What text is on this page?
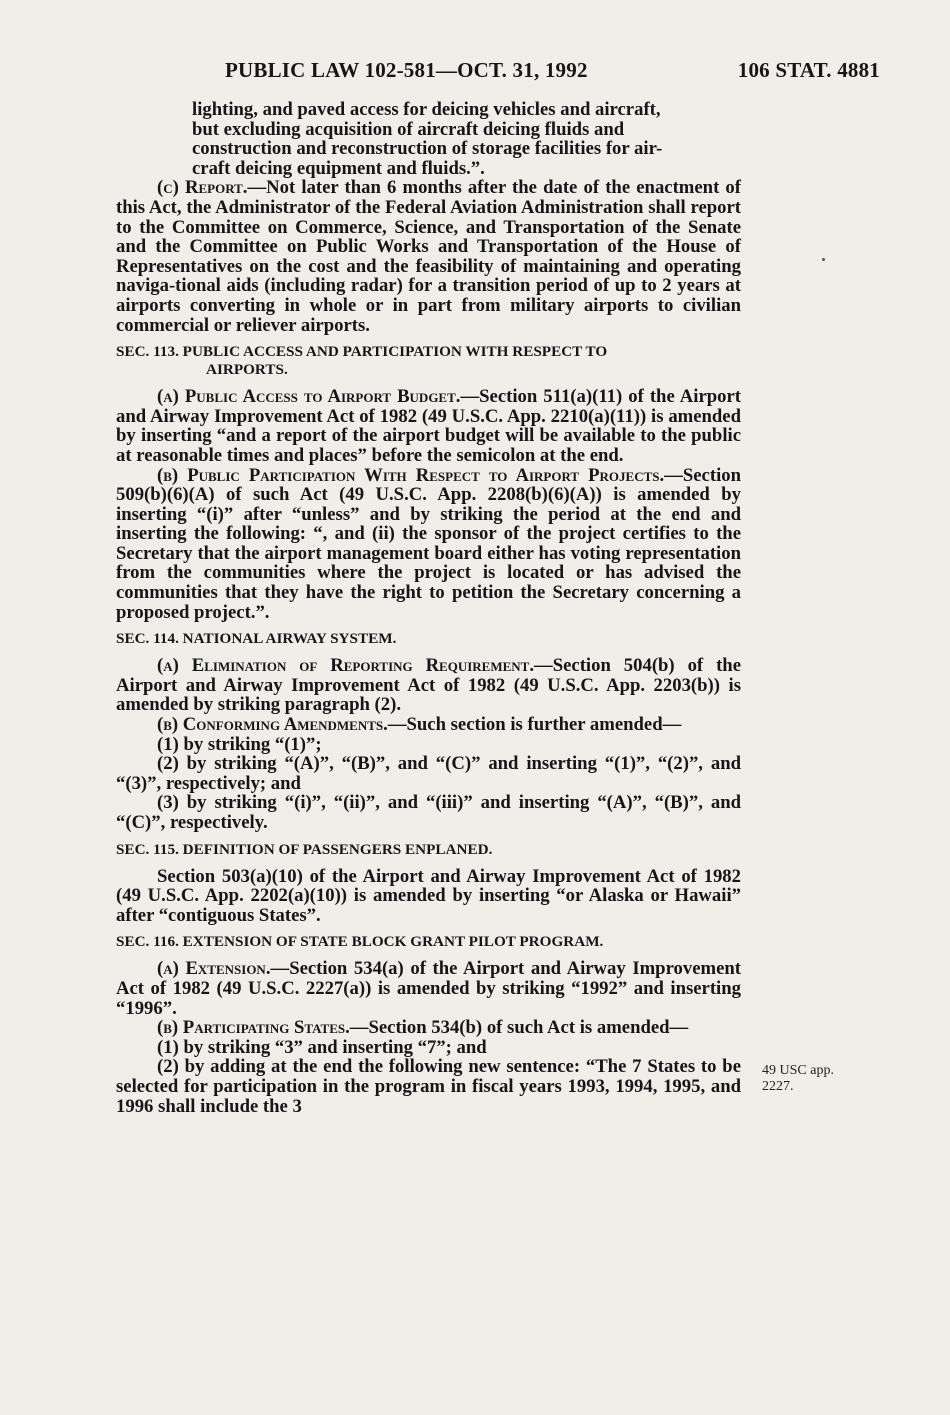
PUBLIC LAW 102-581—OCT. 31, 1992	106 STAT. 4881

lighting, and paved access for deicing vehicles and aircraft,

but excluding acquisition of aircraft deicing fluids and

construction and reconstruction of storage facilities for air-

craft deicing equipment and fluids.”.

(c) Report.—Not later than 6 months after the date of the enactment of this Act, the Administrator of the Federal Aviation Administration shall report to the Committee on Commerce, Science, and Transportation of the Senate and the Committee on Public Works and Transportation of the House of Representatives on the cost and the feasibility of maintaining and operating naviga-tional aids (including radar) for a transition period of up to 2 years at airports converting in whole or in part from military airports to civilian commercial or reliever airports.

SEC. 113. PUBLIC ACCESS AND PARTICIPATION WITH RESPECT TO
AIRPORTS.

(a) Public Access to Airport Budget.—Section 511(a)(11) of the Airport and Airway Improvement Act of 1982 (49 U.S.C. App. 2210(a)(11)) is amended by inserting “and a report of the airport budget will be available to the public at reasonable times and places” before the semicolon at the end.

(b) Public Participation With Respect to Airport Projects.—Section 509(b)(6)(A) of such Act (49 U.S.C. App. 2208(b)(6)(A)) is amended by inserting “(i)” after “unless” and by striking the period at the end and inserting the following: “, and (ii) the sponsor of the project certifies to the Secretary that the airport management board either has voting representation from the communities where the project is located or has advised the communities that they have the right to petition the Secretary concerning a proposed project.”.

SEC. 114. NATIONAL AIRWAY SYSTEM.

(a) Elimination of Reporting Requirement.—Section 504(b) of the Airport and Airway Improvement Act of 1982 (49 U.S.C. App. 2203(b)) is amended by striking paragraph (2).

(b) Conforming Amendments.—Such section is further amended—

(1) by striking “(1)”;

(2) by striking “(A)”, “(B)”, and “(C)” and inserting “(1)”, “(2)”, and “(3)”, respectively; and

(3) by striking “(i)”, “(ii)”, and “(iii)” and inserting “(A)”, “(B)”, and “(C)”, respectively.

SEC. 115. DEFINITION OF PASSENGERS ENPLANED.

Section 503(a)(10) of the Airport and Airway Improvement Act of 1982 (49 U.S.C. App. 2202(a)(10)) is amended by inserting “or Alaska or Hawaii” after “contiguous States”.

SEC. 116. EXTENSION OF STATE BLOCK GRANT PILOT PROGRAM.

(a) Extension.—Section 534(a) of the Airport and Airway Improvement Act of 1982 (49 U.S.C. 2227(a)) is amended by striking “1992” and inserting “1996”.

(b) Participating States.—Section 534(b) of such Act is amended—

(1) by striking “3” and inserting “7”; and

(2) by adding at the end the following new sentence: “The 7 States to be selected for participation in the program in fiscal years 1993, 1994, 1995, and 1996 shall include the 3

49 USC app.
2227.
